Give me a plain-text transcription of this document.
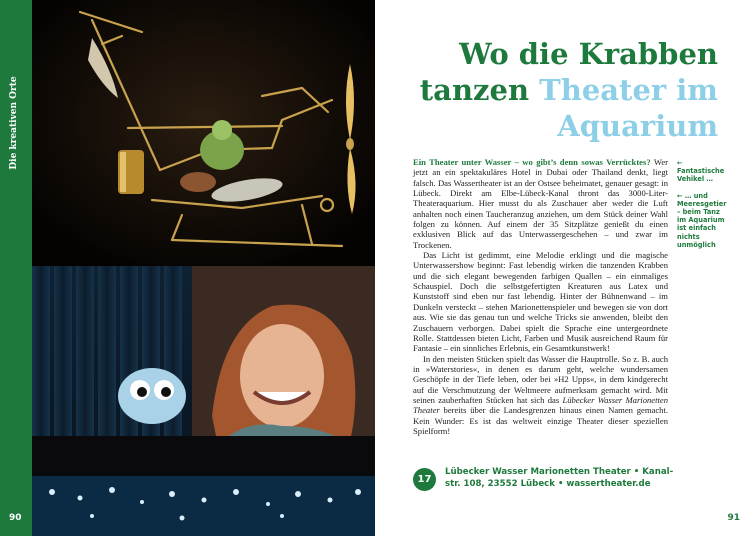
Die kreativen Orte
90
Wo die Krabben
tanzen Theater im
Aquarium

Ein Theater unter Wasser – wo gibt’s denn sowas Verrücktes? Wer jetzt an ein spektakuläres Hotel in Dubai oder Thailand denkt, liegt falsch. Das Wassertheater ist an der Ostsee beheimatet, genauer gesagt: in Lübeck. Direkt am Elbe-Lübeck-Kanal thront das 3000-Liter-Theateraquarium. Hier musst du als Zuschauer aber weder die Luft anhalten noch einen Taucheranzug anziehen, um dem Stück deiner Wahl folgen zu können. Auf einem der 35 Sitzplätze genießt du einen exklusiven Blick auf das Unterwassergeschehen – und zwar im Trockenen.

Das Licht ist gedimmt, eine Melodie erklingt und die magische Unterwassershow beginnt: Fast lebendig wirken die tanzenden Krabben und die sich elegant bewegenden farbigen Quallen – ein einmaliges Schauspiel. Doch die selbstgefertigten Kreaturen aus Latex und Kunststoff sind eben nur fast lebendig. Hinter der Bühnenwand – im Dunkeln versteckt – stehen Marionettenspieler und bewegen sie von dort aus. Wie sie das genau tun und welche Tricks sie anwenden, bleibt den Zuschauern verborgen. Dabei spielt die Sprache eine untergeordnete Rolle. Stattdessen bieten Licht, Farben und Musik ausreichend Raum für Fantasie – ein sinnliches Erlebnis, ein Gesamtkunstwerk!

In den meisten Stücken spielt das Wasser die Hauptrolle. So z. B. auch in »Waterstories«, in denen es darum geht, welche wundersamen Geschöpfe in der Tiefe leben, oder bei »H2 Upps«, in dem kindgerecht auf die Verschmutzung der Weltmeere aufmerksam gemacht wird. Mit seinen zauberhaften Stücken hat sich das Lübecker Wasser Marionetten Theater bereits über die Landesgrenzen hinaus einen Namen gemacht. Kein Wunder: Es ist das weltweit einzige Theater dieser speziellen Spielform!

← Fantastische Vehikel …

← … und Meeresgetier – beim Tanz im Aquarium ist einfach nichts unmöglich

17
Lübecker Wasser Marionetten Theater • Kanal-
str. 108, 23552 Lübeck • wassertheater.de
91
